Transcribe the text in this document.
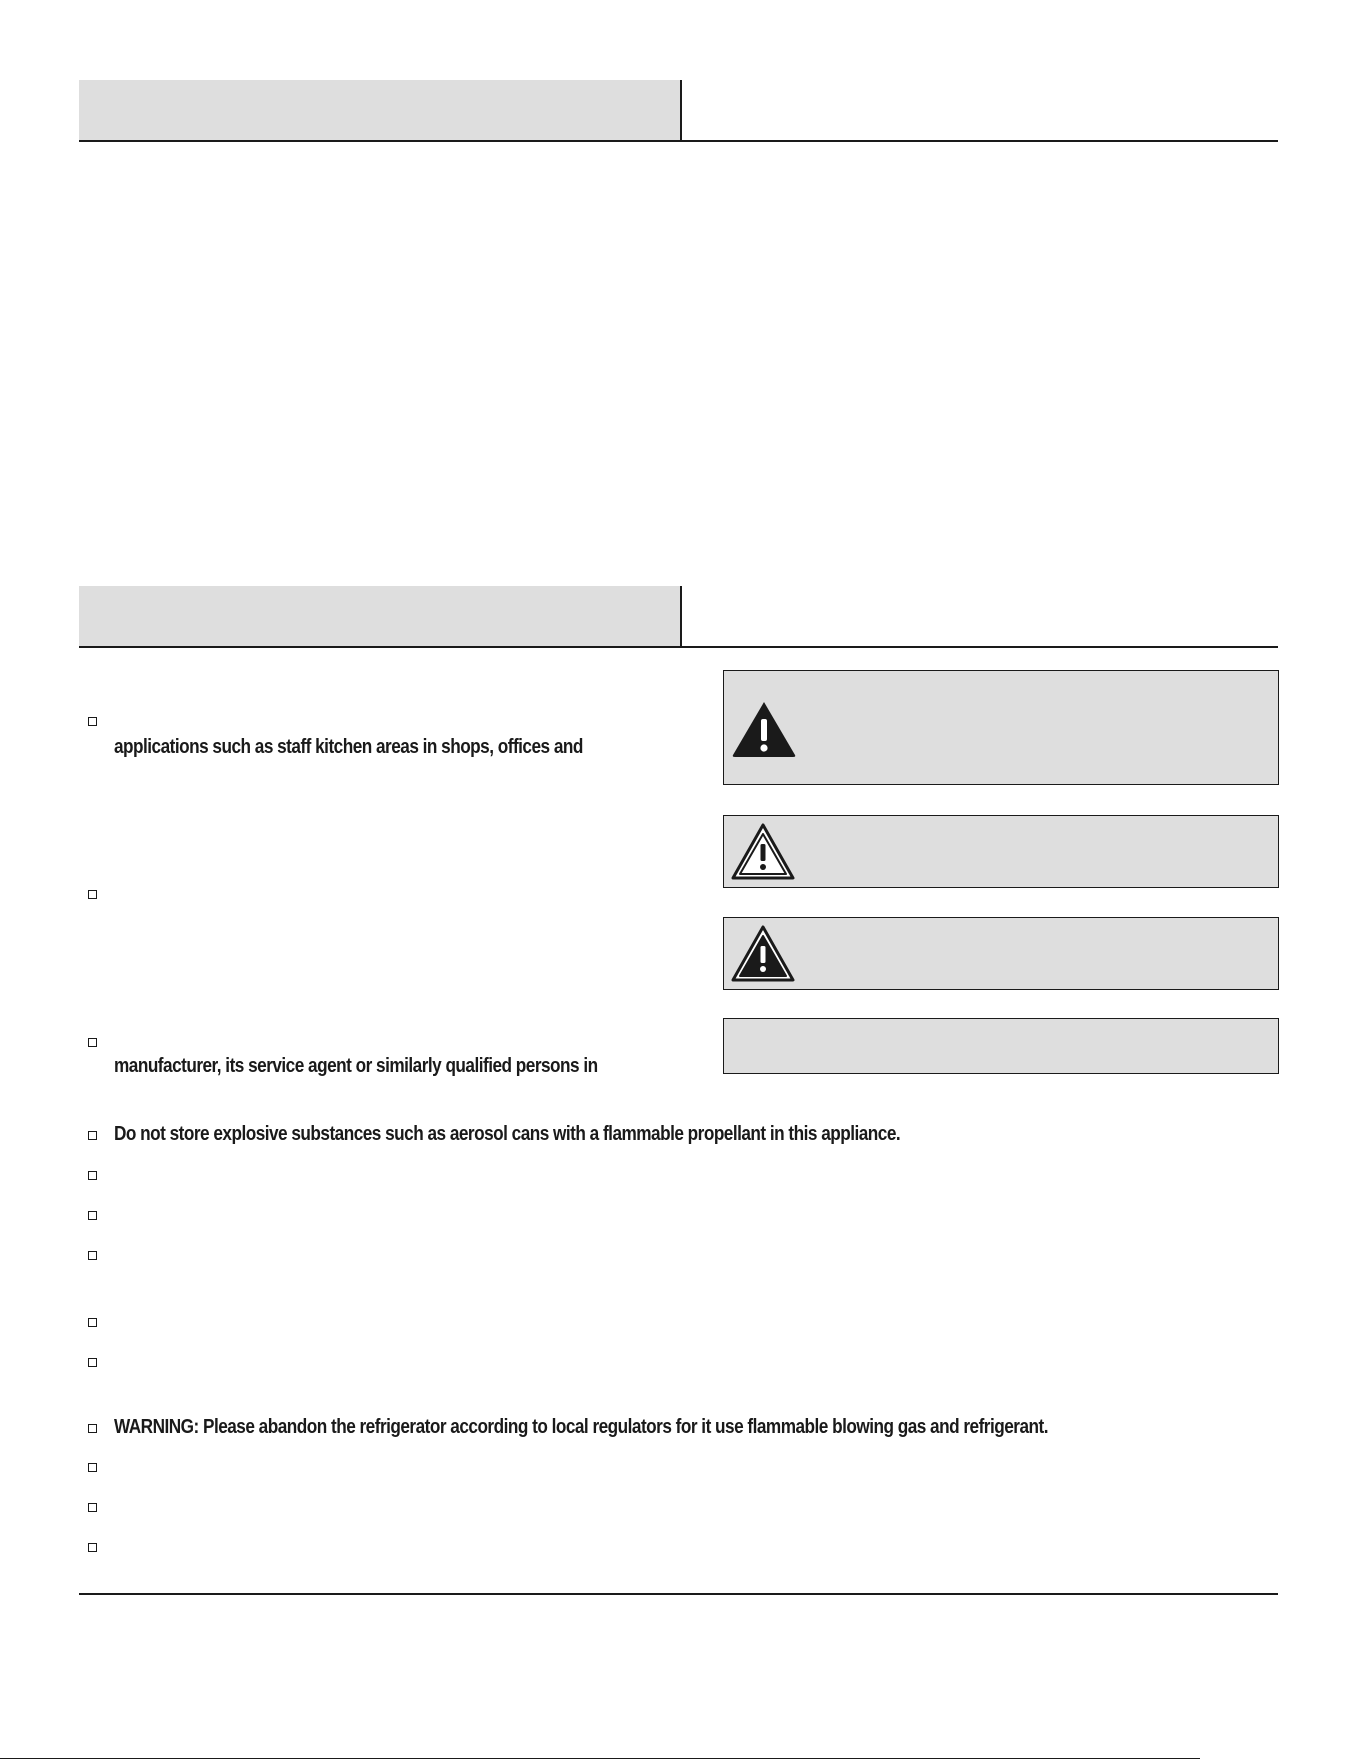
applications such as staff kitchen areas in shops, offices and
manufacturer, its service agent or similarly qualified persons in
Do not store explosive substances such as aerosol cans with a flammable propellant in this appliance.
WARNING: Please abandon the refrigerator according to local regulators for it use flammable blowing gas and refrigerant.
